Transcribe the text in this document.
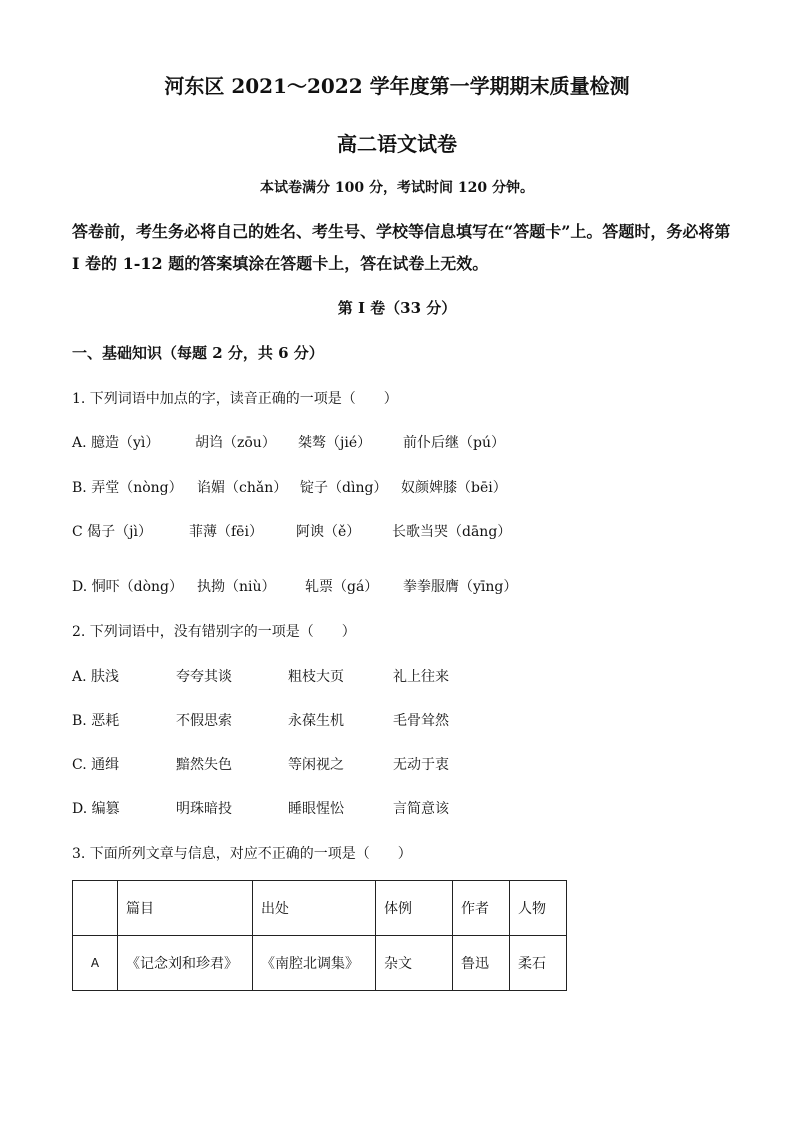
河东区 2021～2022 学年度第一学期期末质量检测
高二语文试卷
本试卷满分 100 分，考试时间 120 分钟。
答卷前，考生务必将自己的姓名、考生号、学校等信息填写在“答题卡”上。答题时，务必将第 I 卷的 1-12 题的答案填涂在答题卡上，答在试卷上无效。
第 I 卷（33 分）
一、基础知识（每题 2 分，共 6 分）
1. 下列词语中加点的字，读音正确的一项是（　　）
A. 臆造（yì）	胡诌（zōu） 桀骜（jié） 前仆后继（pú）
B. 弄堂（nòng） 谄媚（chǎn） 锭子（dìng） 奴颜婢膝（bēi）
C 偈子（jì）	菲薄（fēi） 阿谀（ě） 长歌当哭（dāng）
D. 恫吓（dòng） 执拗（niù） 轧票（gá） 拳拳服膺（yīng）
2. 下列词语中，没有错别字的一项是（　　）
A. 肤浅	夸夸其谈	粗枝大页	礼上往来
B. 恶耗	不假思索	永葆生机	毛骨耸然
C. 通缉	黯然失色	等闲视之	无动于衷
D. 编篡	明珠暗投	睡眼惺忪	言简意该
3. 下面所列文章与信息，对应不正确的一项是（　　）
	篇目	出处	体例	作者	人物
A	《记念刘和珍君》	《南腔北调集》	杂文	鲁迅	柔石
